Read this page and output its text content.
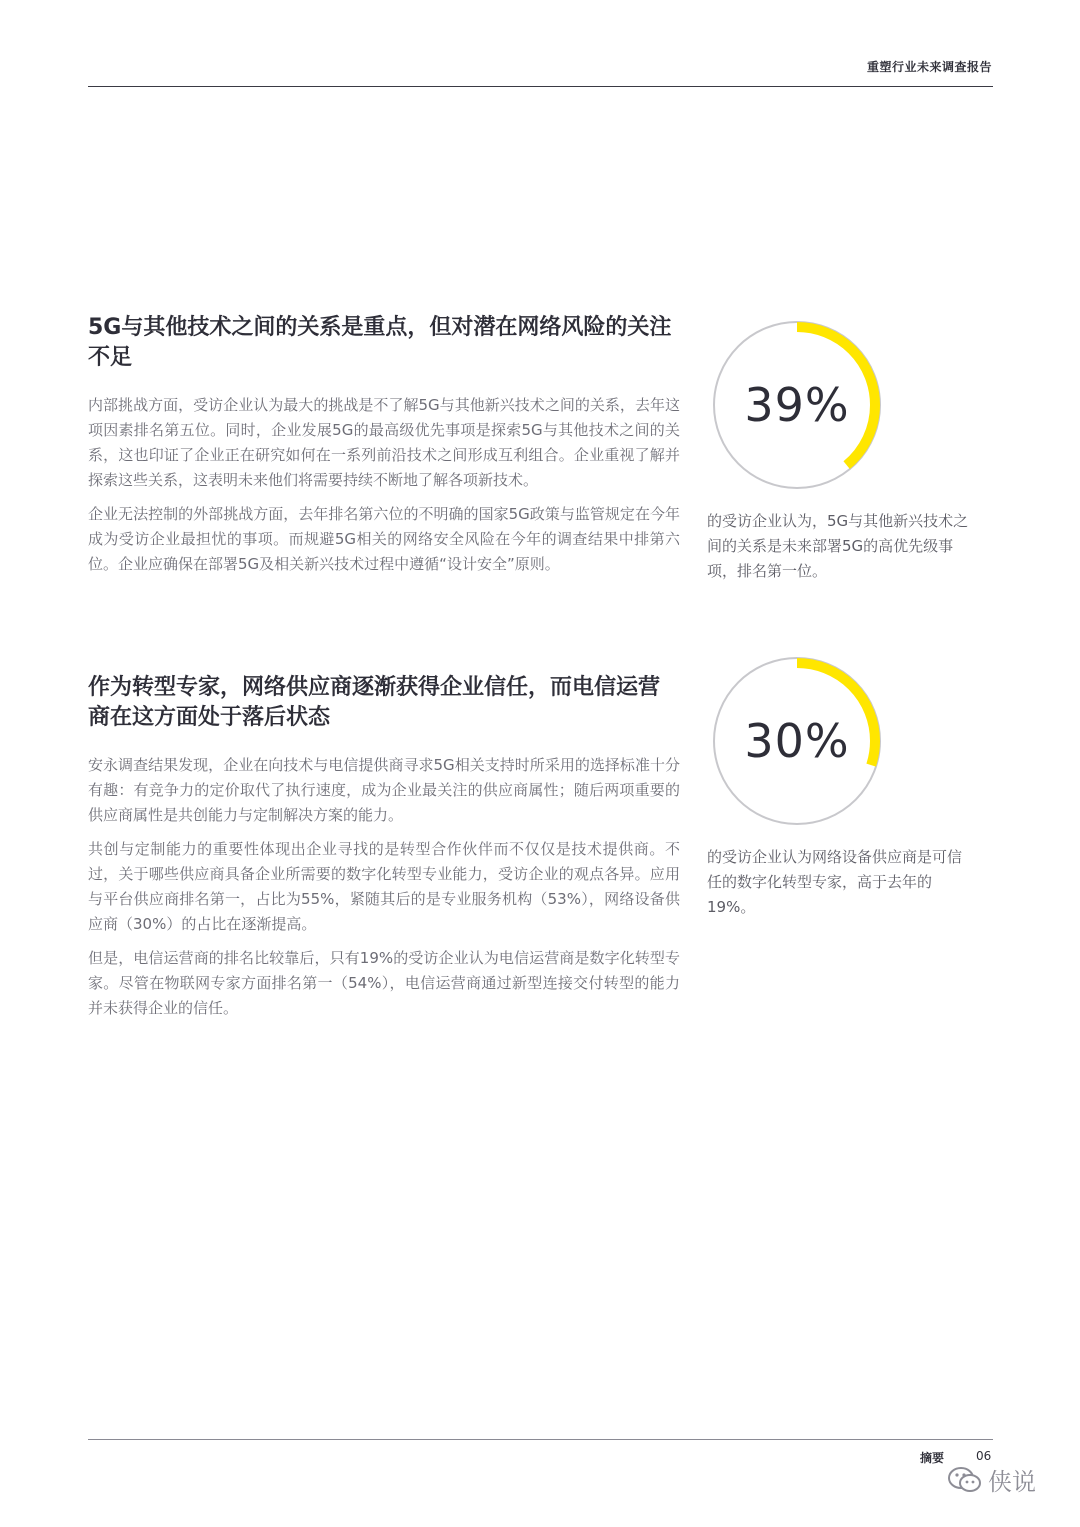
重塑行业未来调查报告
5G与其他技术之间的关系是重点，但对潜在网络风险的关注不足

内部挑战方面，受访企业认为最大的挑战是不了解5G与其他新兴技术之间的关系，去年这项因素排名第五位。同时，企业发展5G的最高级优先事项是探索5G与其他技术之间的关系，这也印证了企业正在研究如何在一系列前沿技术之间形成互利组合。企业重视了解并探索这些关系，这表明未来他们将需要持续不断地了解各项新技术。

企业无法控制的外部挑战方面，去年排名第六位的不明确的国家5G政策与监管规定在今年成为受访企业最担忧的事项。而规避5G相关的网络安全风险在今年的调查结果中排第六位。企业应确保在部署5G及相关新兴技术过程中遵循“设计安全”原则。

39%
的受访企业认为，5G与其他新兴技术之间的关系是未来部署5G的高优先级事项，排名第一位。
作为转型专家，网络供应商逐渐获得企业信任，而电信运营商在这方面处于落后状态

安永调查结果发现，企业在向技术与电信提供商寻求5G相关支持时所采用的选择标准十分有趣：有竞争力的定价取代了执行速度，成为企业最关注的供应商属性；随后两项重要的供应商属性是共创能力与定制解决方案的能力。

共创与定制能力的重要性体现出企业寻找的是转型合作伙伴而不仅仅是技术提供商。不过，关于哪些供应商具备企业所需要的数字化转型专业能力，受访企业的观点各异。应用与平台供应商排名第一，占比为55%，紧随其后的是专业服务机构（53%），网络设备供应商（30%）的占比在逐渐提高。

但是，电信运营商的排名比较靠后，只有19%的受访企业认为电信运营商是数字化转型专家。尽管在物联网专家方面排名第一（54%），电信运营商通过新型连接交付转型的能力并未获得企业的信任。

30%
的受访企业认为网络设备供应商是可信任的数字化转型专家，高于去年的19%。
摘要	06
侠说
